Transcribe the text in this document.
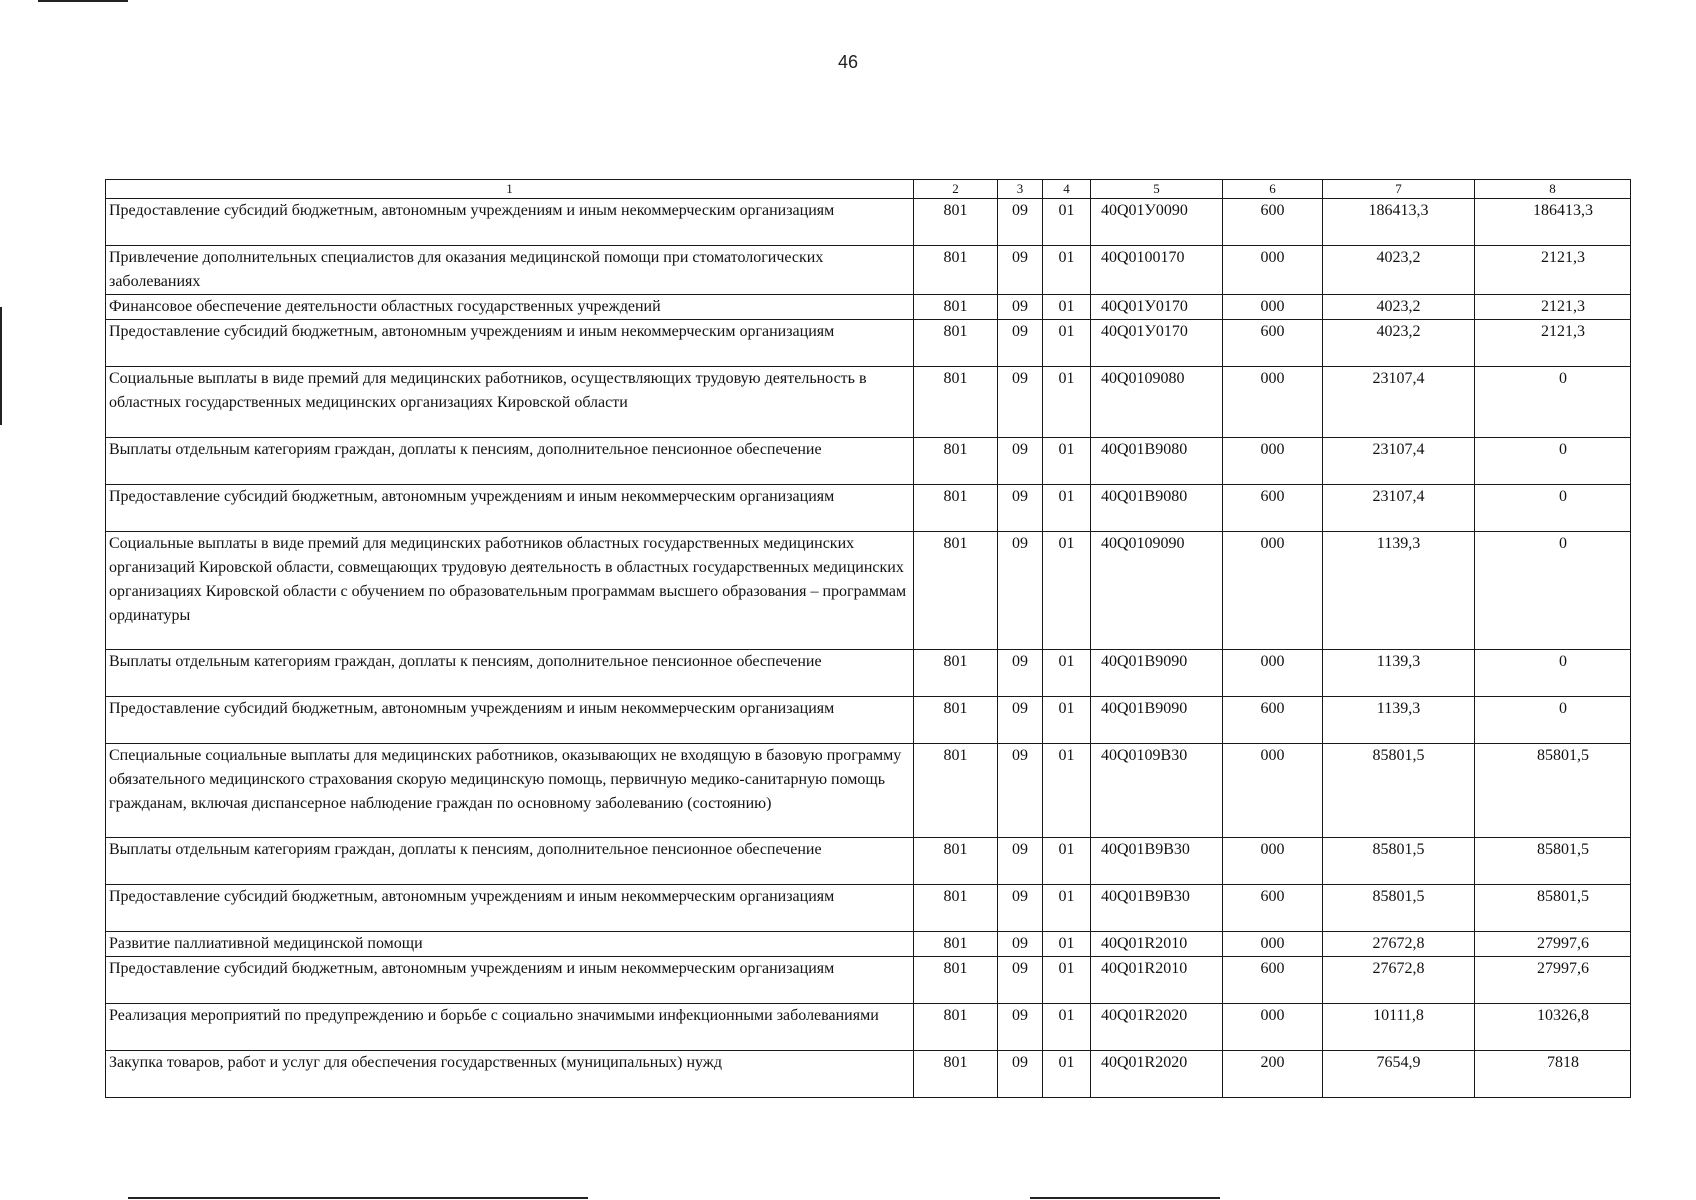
46
1	2	3	4	5	6	7	8
Предоставление субсидий бюджетным, автономным учреждениям и иным некоммерческим организациям	801	09	01	40Q01У0090	600	186413,3	186413,3
Привлечение дополнительных специалистов для оказания медицинской помощи при стоматологических заболеваниях	801	09	01	40Q0100170	000	4023,2	2121,3
Финансовое обеспечение деятельности областных государственных учреждений	801	09	01	40Q01У0170	000	4023,2	2121,3
Предоставление субсидий бюджетным, автономным учреждениям и иным некоммерческим организациям	801	09	01	40Q01У0170	600	4023,2	2121,3
Социальные выплаты в виде премий для медицинских работников, осуществляющих трудовую деятельность в областных государственных медицинских организациях Кировской области	801	09	01	40Q0109080	000	23107,4	0
Выплаты отдельным категориям граждан, доплаты к пенсиям, дополнительное пенсионное обеспечение	801	09	01	40Q01B9080	000	23107,4	0
Предоставление субсидий бюджетным, автономным учреждениям и иным некоммерческим организациям	801	09	01	40Q01B9080	600	23107,4	0
Социальные выплаты в виде премий для медицинских работников областных государственных медицинских организаций Кировской области, совмещающих трудовую деятельность в областных государственных медицинских организациях Кировской области с обучением по образовательным программам высшего образования – программам ординатуры	801	09	01	40Q0109090	000	1139,3	0
Выплаты отдельным категориям граждан, доплаты к пенсиям, дополнительное пенсионное обеспечение	801	09	01	40Q01B9090	000	1139,3	0
Предоставление субсидий бюджетным, автономным учреждениям и иным некоммерческим организациям	801	09	01	40Q01B9090	600	1139,3	0
Специальные социальные выплаты для медицинских работников, оказывающих не входящую в базовую программу обязательного медицинского страхования скорую медицинскую помощь, первичную медико-санитарную помощь гражданам, включая диспансерное наблюдение граждан по основному заболеванию (состоянию)	801	09	01	40Q0109B30	000	85801,5	85801,5
Выплаты отдельным категориям граждан, доплаты к пенсиям, дополнительное пенсионное обеспечение	801	09	01	40Q01B9B30	000	85801,5	85801,5
Предоставление субсидий бюджетным, автономным учреждениям и иным некоммерческим организациям	801	09	01	40Q01B9B30	600	85801,5	85801,5
Развитие паллиативной медицинской помощи	801	09	01	40Q01R2010	000	27672,8	27997,6
Предоставление субсидий бюджетным, автономным учреждениям и иным некоммерческим организациям	801	09	01	40Q01R2010	600	27672,8	27997,6
Реализация мероприятий по предупреждению и борьбе с социально значимыми инфекционными заболеваниями	801	09	01	40Q01R2020	000	10111,8	10326,8
Закупка товаров, работ и услуг для обеспечения государственных (муниципальных) нужд	801	09	01	40Q01R2020	200	7654,9	7818
